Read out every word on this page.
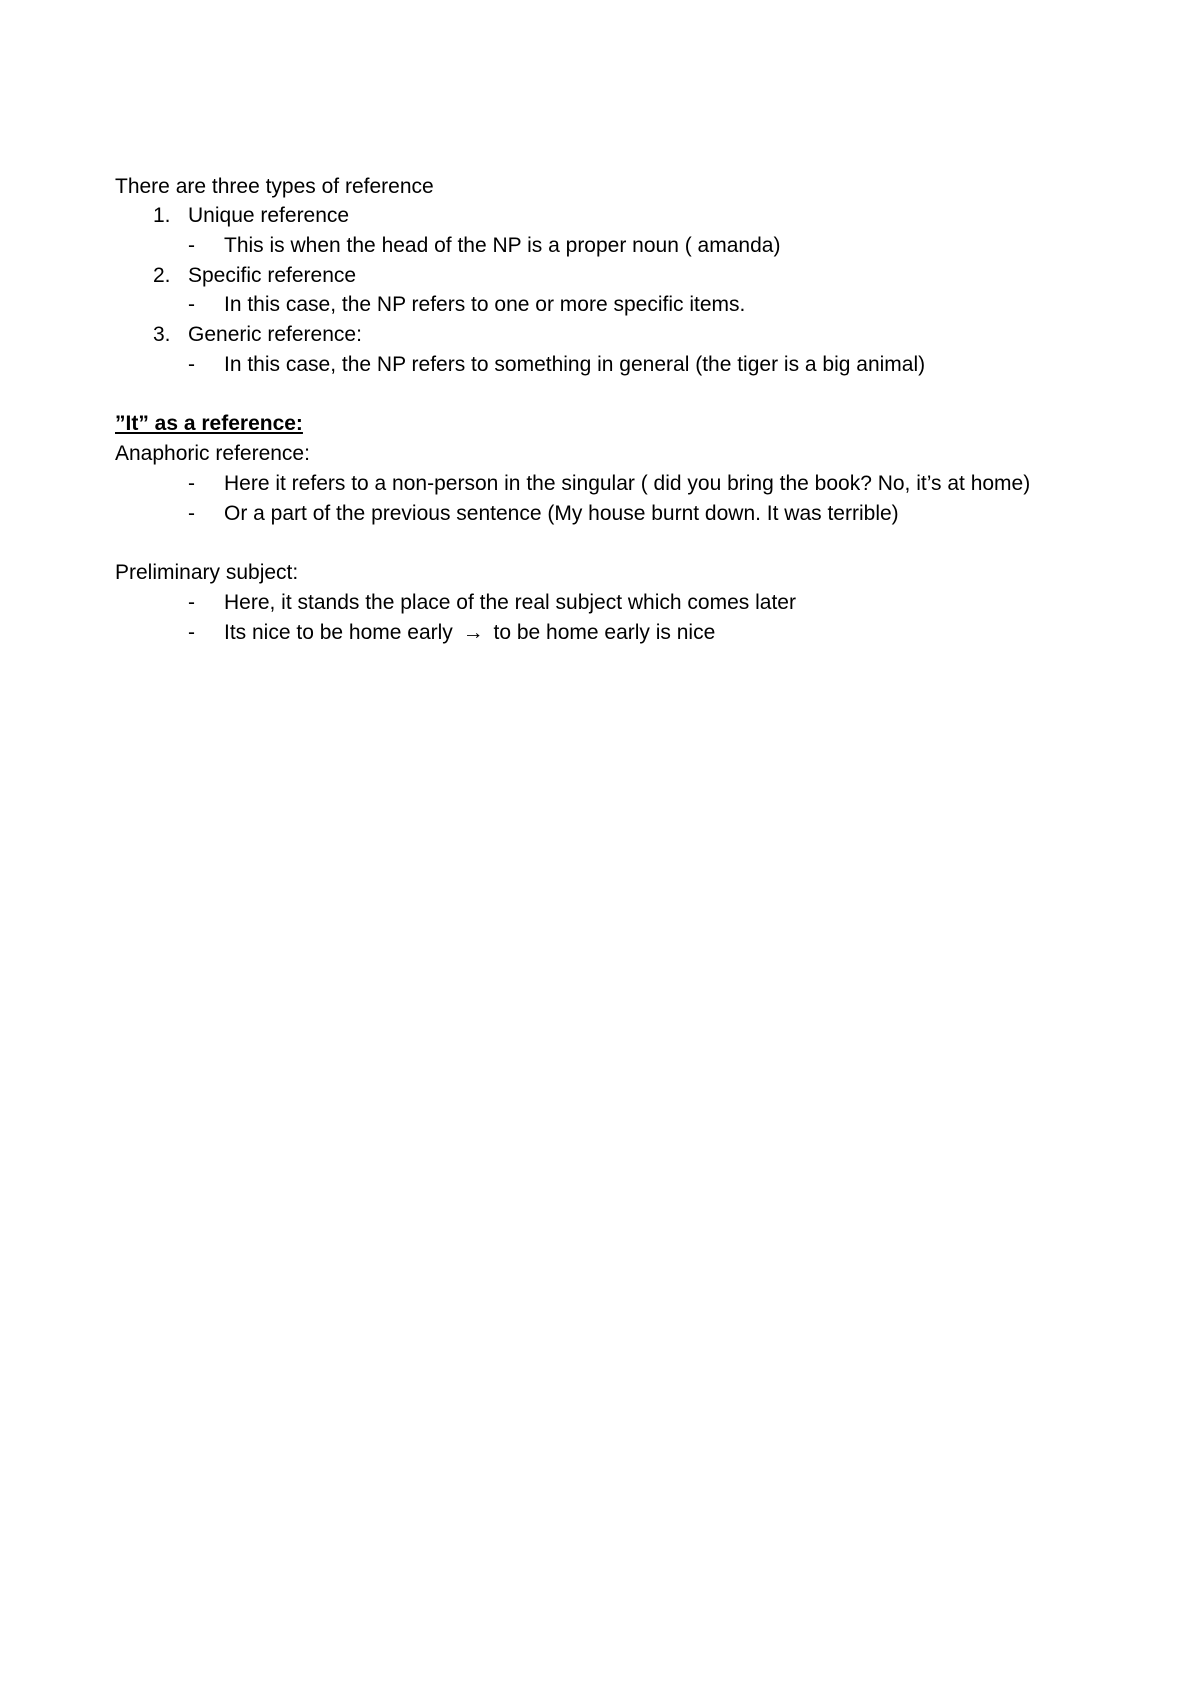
There are three types of reference
1. Unique reference
-	This is when the head of the NP is a proper noun ( amanda)
2. Specific reference
-	In this case, the NP refers to one or more specific items.
3. Generic reference:
-	In this case, the NP refers to something in general (the tiger is a big animal)
”It” as a reference:
Anaphoric reference:
-	Here it refers to a non-person in the singular ( did you bring the book? No, it’s at home)
-	Or a part of the previous sentence (My house burnt down. It was terrible)
Preliminary subject:
-	Here, it stands the place of the real subject which comes later
-	Its nice to be home early → to be home early is nice
